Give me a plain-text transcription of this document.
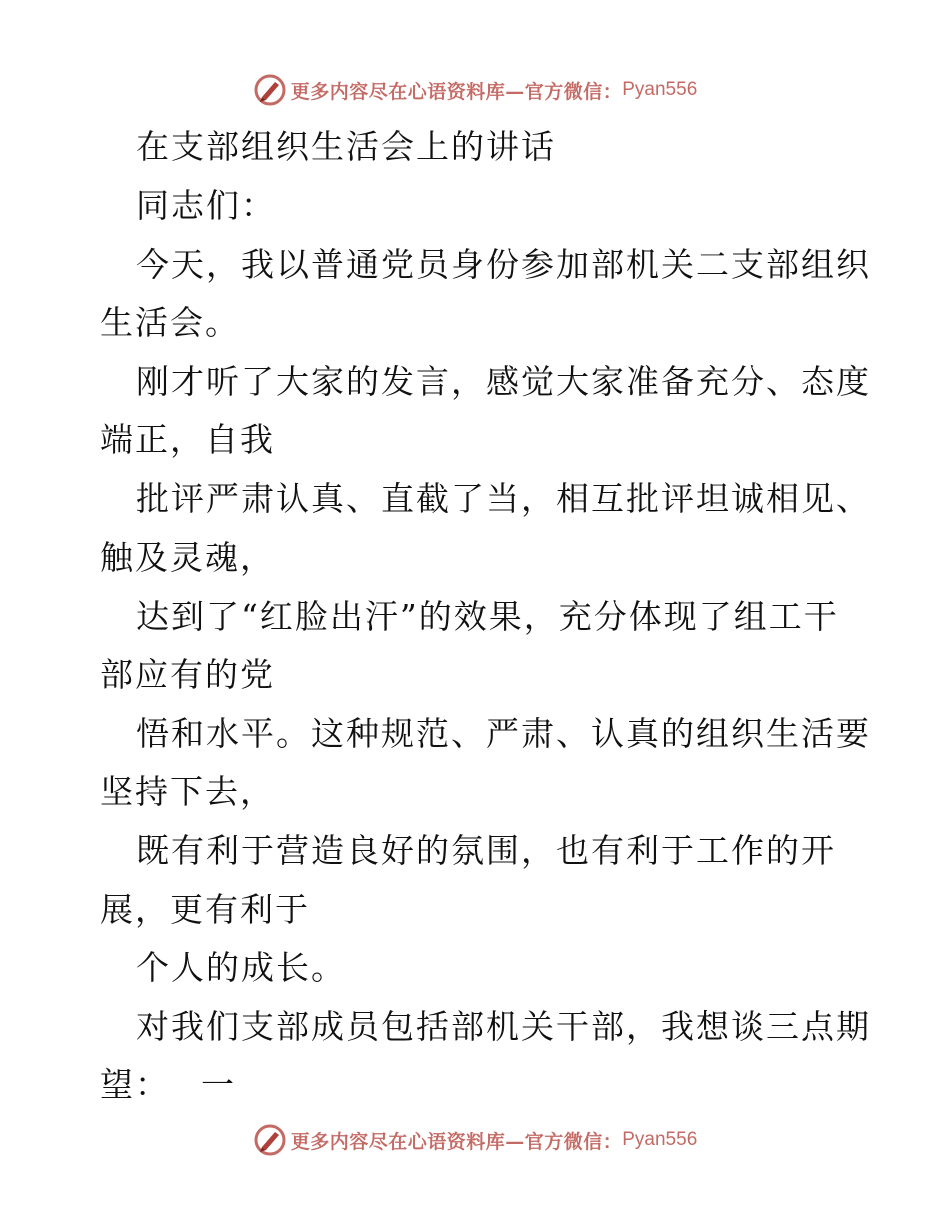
更多内容尽在心语资料库—官方微信： Pyan556
在支部组织生活会上的讲话
同志们：
今天，我以普通党员身份参加部机关二支部组织
生活会。
刚才听了大家的发言，感觉大家准备充分、态度
端正，自我
批评严肃认真、直截了当，相互批评坦诚相见、
触及灵魂，
达到了“红脸出汗”的效果，充分体现了组工干
部应有的党
悟和水平。这种规范、严肃、认真的组织生活要
坚持下去，
既有利于营造良好的氛围，也有利于工作的开
展，更有利于
个人的成长。
对我们支部成员包括部机关干部，我想谈三点期
望：　 一
更多内容尽在心语资料库—官方微信： Pyan556
